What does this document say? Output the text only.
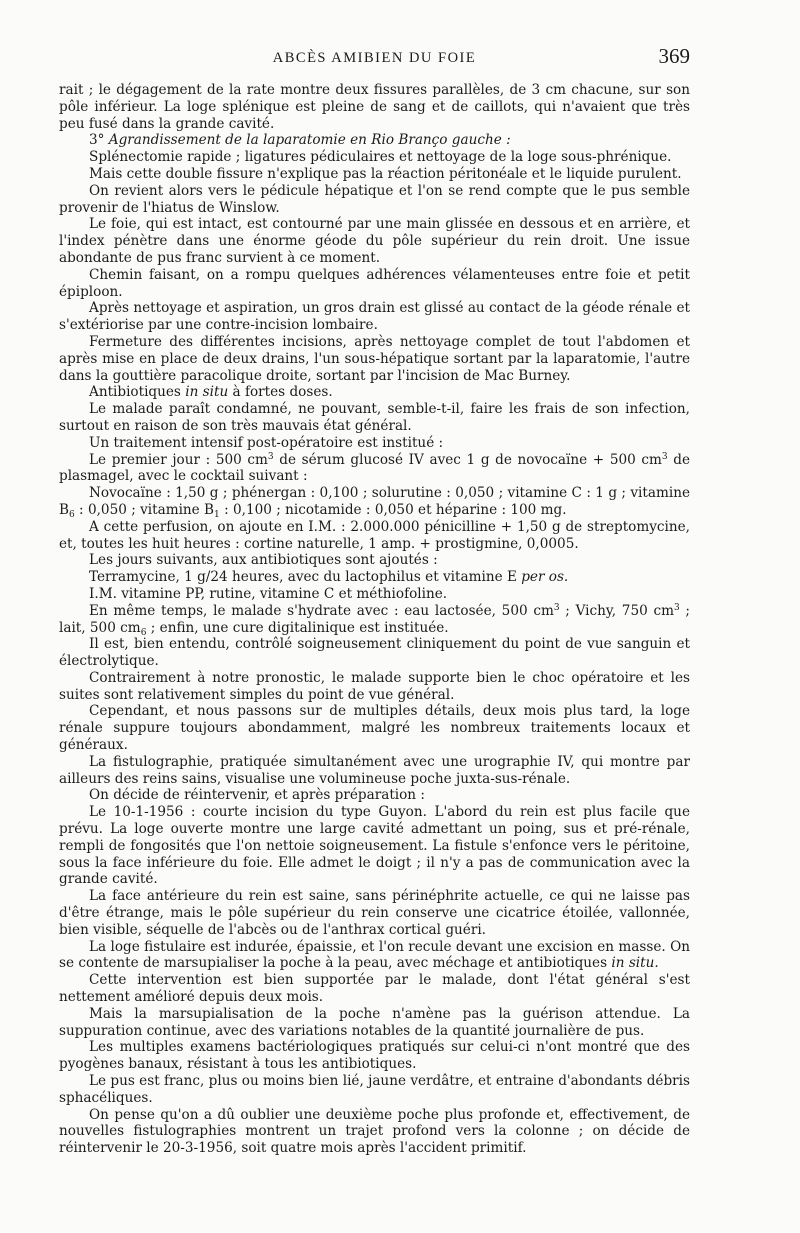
ABCÈS AMIBIEN DU FOIE	369

rait ; le dégagement de la rate montre deux fissures parallèles, de 3 cm chacune, sur son pôle inférieur. La loge splénique est pleine de sang et de caillots, qui n'avaient que très peu fusé dans la grande cavité.

3° Agrandissement de la laparatomie en Rio Branço gauche :

Splénectomie rapide ; ligatures pédiculaires et nettoyage de la loge sous-phrénique.

Mais cette double fissure n'explique pas la réaction péritonéale et le liquide purulent.

On revient alors vers le pédicule hépatique et l'on se rend compte que le pus semble provenir de l'hiatus de Winslow.

Le foie, qui est intact, est contourné par une main glissée en dessous et en arrière, et l'index pénètre dans une énorme géode du pôle supérieur du rein droit. Une issue abondante de pus franc survient à ce moment.

Chemin faisant, on a rompu quelques adhérences vélamenteuses entre foie et petit épiploon.

Après nettoyage et aspiration, un gros drain est glissé au contact de la géode rénale et s'extériorise par une contre-incision lombaire.

Fermeture des différentes incisions, après nettoyage complet de tout l'abdomen et après mise en place de deux drains, l'un sous-hépatique sortant par la laparatomie, l'autre dans la gouttière paracolique droite, sortant par l'incision de Mac Burney.

Antibiotiques in situ à fortes doses.

Le malade paraît condamné, ne pouvant, semble-t-il, faire les frais de son infection, surtout en raison de son très mauvais état général.

Un traitement intensif post-opératoire est institué :

Le premier jour : 500 $cm^3$ de sérum glucosé IV avec 1 g de novocaïne + 500 $cm^3$ de plasmagel, avec le cocktail suivant :

Novocaïne : 1,50 g ; phénergan : 0,100 ; solurutine : 0,050 ; vitamine C : 1 g ; vitamine $B_6$ : 0,050 ; vitamine $B_1$ : 0,100 ; nicotamide : 0,050 et héparine : 100 mg.

A cette perfusion, on ajoute en I.M. : 2.000.000 pénicilline + 1,50 g de streptomycine, et, toutes les huit heures : cortine naturelle, 1 amp. + prostigmine, 0,0005.

Les jours suivants, aux antibiotiques sont ajoutés :

Terramycine, 1 g/24 heures, avec du lactophilus et vitamine E per os.

I.M. vitamine PP, rutine, vitamine C et méthiofoline.

En même temps, le malade s'hydrate avec : eau lactosée, 500 $cm^3$ ; Vichy, 750 $cm^3$ ; lait, 500 $cm_6$ ; enfin, une cure digitalinique est instituée.

Il est, bien entendu, contrôlé soigneusement cliniquement du point de vue sanguin et électrolytique.

Contrairement à notre pronostic, le malade supporte bien le choc opératoire et les suites sont relativement simples du point de vue général.

Cependant, et nous passons sur de multiples détails, deux mois plus tard, la loge rénale suppure toujours abondamment, malgré les nombreux traitements locaux et généraux.

La fistulographie, pratiquée simultanément avec une urographie IV, qui montre par ailleurs des reins sains, visualise une volumineuse poche juxta-sus-rénale.

On décide de réintervenir, et après préparation :

Le 10-1-1956 : courte incision du type Guyon. L'abord du rein est plus facile que prévu. La loge ouverte montre une large cavité admettant un poing, sus et pré-rénale, rempli de fongosités que l'on nettoie soigneusement. La fistule s'enfonce vers le péritoine, sous la face inférieure du foie. Elle admet le doigt ; il n'y a pas de communication avec la grande cavité.

La face antérieure du rein est saine, sans périnéphrite actuelle, ce qui ne laisse pas d'être étrange, mais le pôle supérieur du rein conserve une cicatrice étoilée, vallonnée, bien visible, séquelle de l'abcès ou de l'anthrax cortical guéri.

La loge fistulaire est indurée, épaissie, et l'on recule devant une excision en masse. On se contente de marsupialiser la poche à la peau, avec méchage et antibiotiques in situ.

Cette intervention est bien supportée par le malade, dont l'état général s'est nettement amélioré depuis deux mois.

Mais la marsupialisation de la poche n'amène pas la guérison attendue. La suppuration continue, avec des variations notables de la quantité journalière de pus.

Les multiples examens bactériologiques pratiqués sur celui-ci n'ont montré que des pyogènes banaux, résistant à tous les antibiotiques.

Le pus est franc, plus ou moins bien lié, jaune verdâtre, et entraine d'abondants débris sphacéliques.

On pense qu'on a dû oublier une deuxième poche plus profonde et, effectivement, de nouvelles fistulographies montrent un trajet profond vers la colonne ; on décide de réintervenir le 20-3-1956, soit quatre mois après l'accident primitif.
